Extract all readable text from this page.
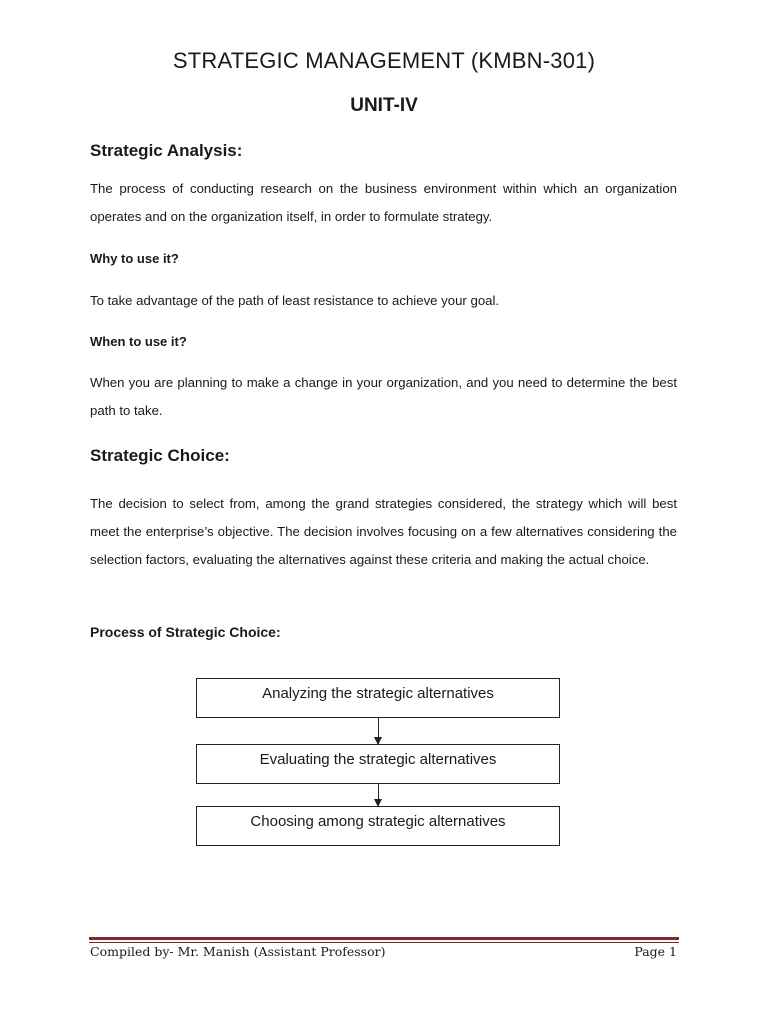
STRATEGIC MANAGEMENT (KMBN-301)
UNIT-IV

Strategic Analysis:

The process of conducting research on the business environment within which an organization operates and on the organization itself, in order to formulate strategy.

Why to use it?

To take advantage of the path of least resistance to achieve your goal.

When to use it?

When you are planning to make a change in your organization, and you need to determine the best path to take.

Strategic Choice:

The decision to select from, among the grand strategies considered, the strategy which will best meet the enterprise’s objective. The decision involves focusing on a few alternatives considering the selection factors, evaluating the alternatives against these criteria and making the actual choice.

Process of Strategic Choice:

Analyzing the strategic alternatives
Evaluating the strategic alternatives
Choosing among strategic alternatives
Compiled by- Mr. Manish (Assistant Professor)	Page 1
